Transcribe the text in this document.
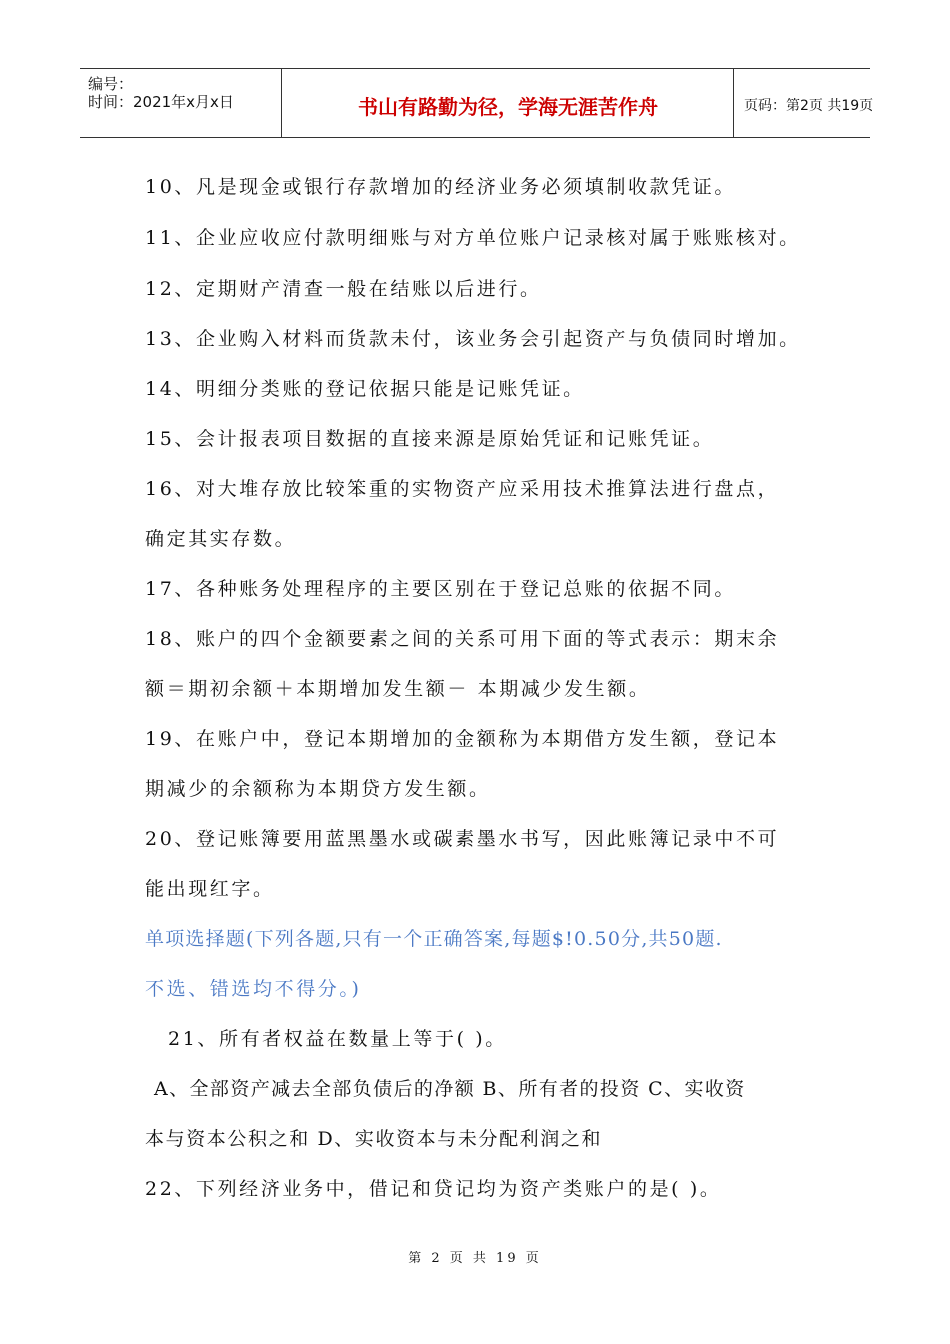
编号：
时间：2021年x月x日	书山有路勤为径，学海无涯苦作舟	页码：第2页 共19页
10、凡是现金或银行存款增加的经济业务必须填制收款凭证。
11、企业应收应付款明细账与对方单位账户记录核对属于账账核对。
12、定期财产清查一般在结账以后进行。
13、企业购入材料而货款未付，该业务会引起资产与负债同时增加。
14、明细分类账的登记依据只能是记账凭证。
15、会计报表项目数据的直接来源是原始凭证和记账凭证。
16、对大堆存放比较笨重的实物资产应采用技术推算法进行盘点，
确定其实存数。
17、各种账务处理程序的主要区别在于登记总账的依据不同。
18、账户的四个金额要素之间的关系可用下面的等式表示：期末余
额＝期初余额＋本期增加发生额－ 本期减少发生额。
19、在账户中，登记本期增加的金额称为本期借方发生额，登记本
期减少的余额称为本期贷方发生额。
20、登记账簿要用蓝黑墨水或碳素墨水书写，因此账簿记录中不可
能出现红字。
单项选择题(下列各题,只有一个正确答案,每题$!0.50分,共50题.
不选、错选均不得分。)
21、所有者权益在数量上等于( )。
A、全部资产减去全部负债后的净额 B、所有者的投资 C、实收资
本与资本公积之和 D、实收资本与未分配利润之和
22、下列经济业务中，借记和贷记均为资产类账户的是( )。
第 2 页 共 19 页
